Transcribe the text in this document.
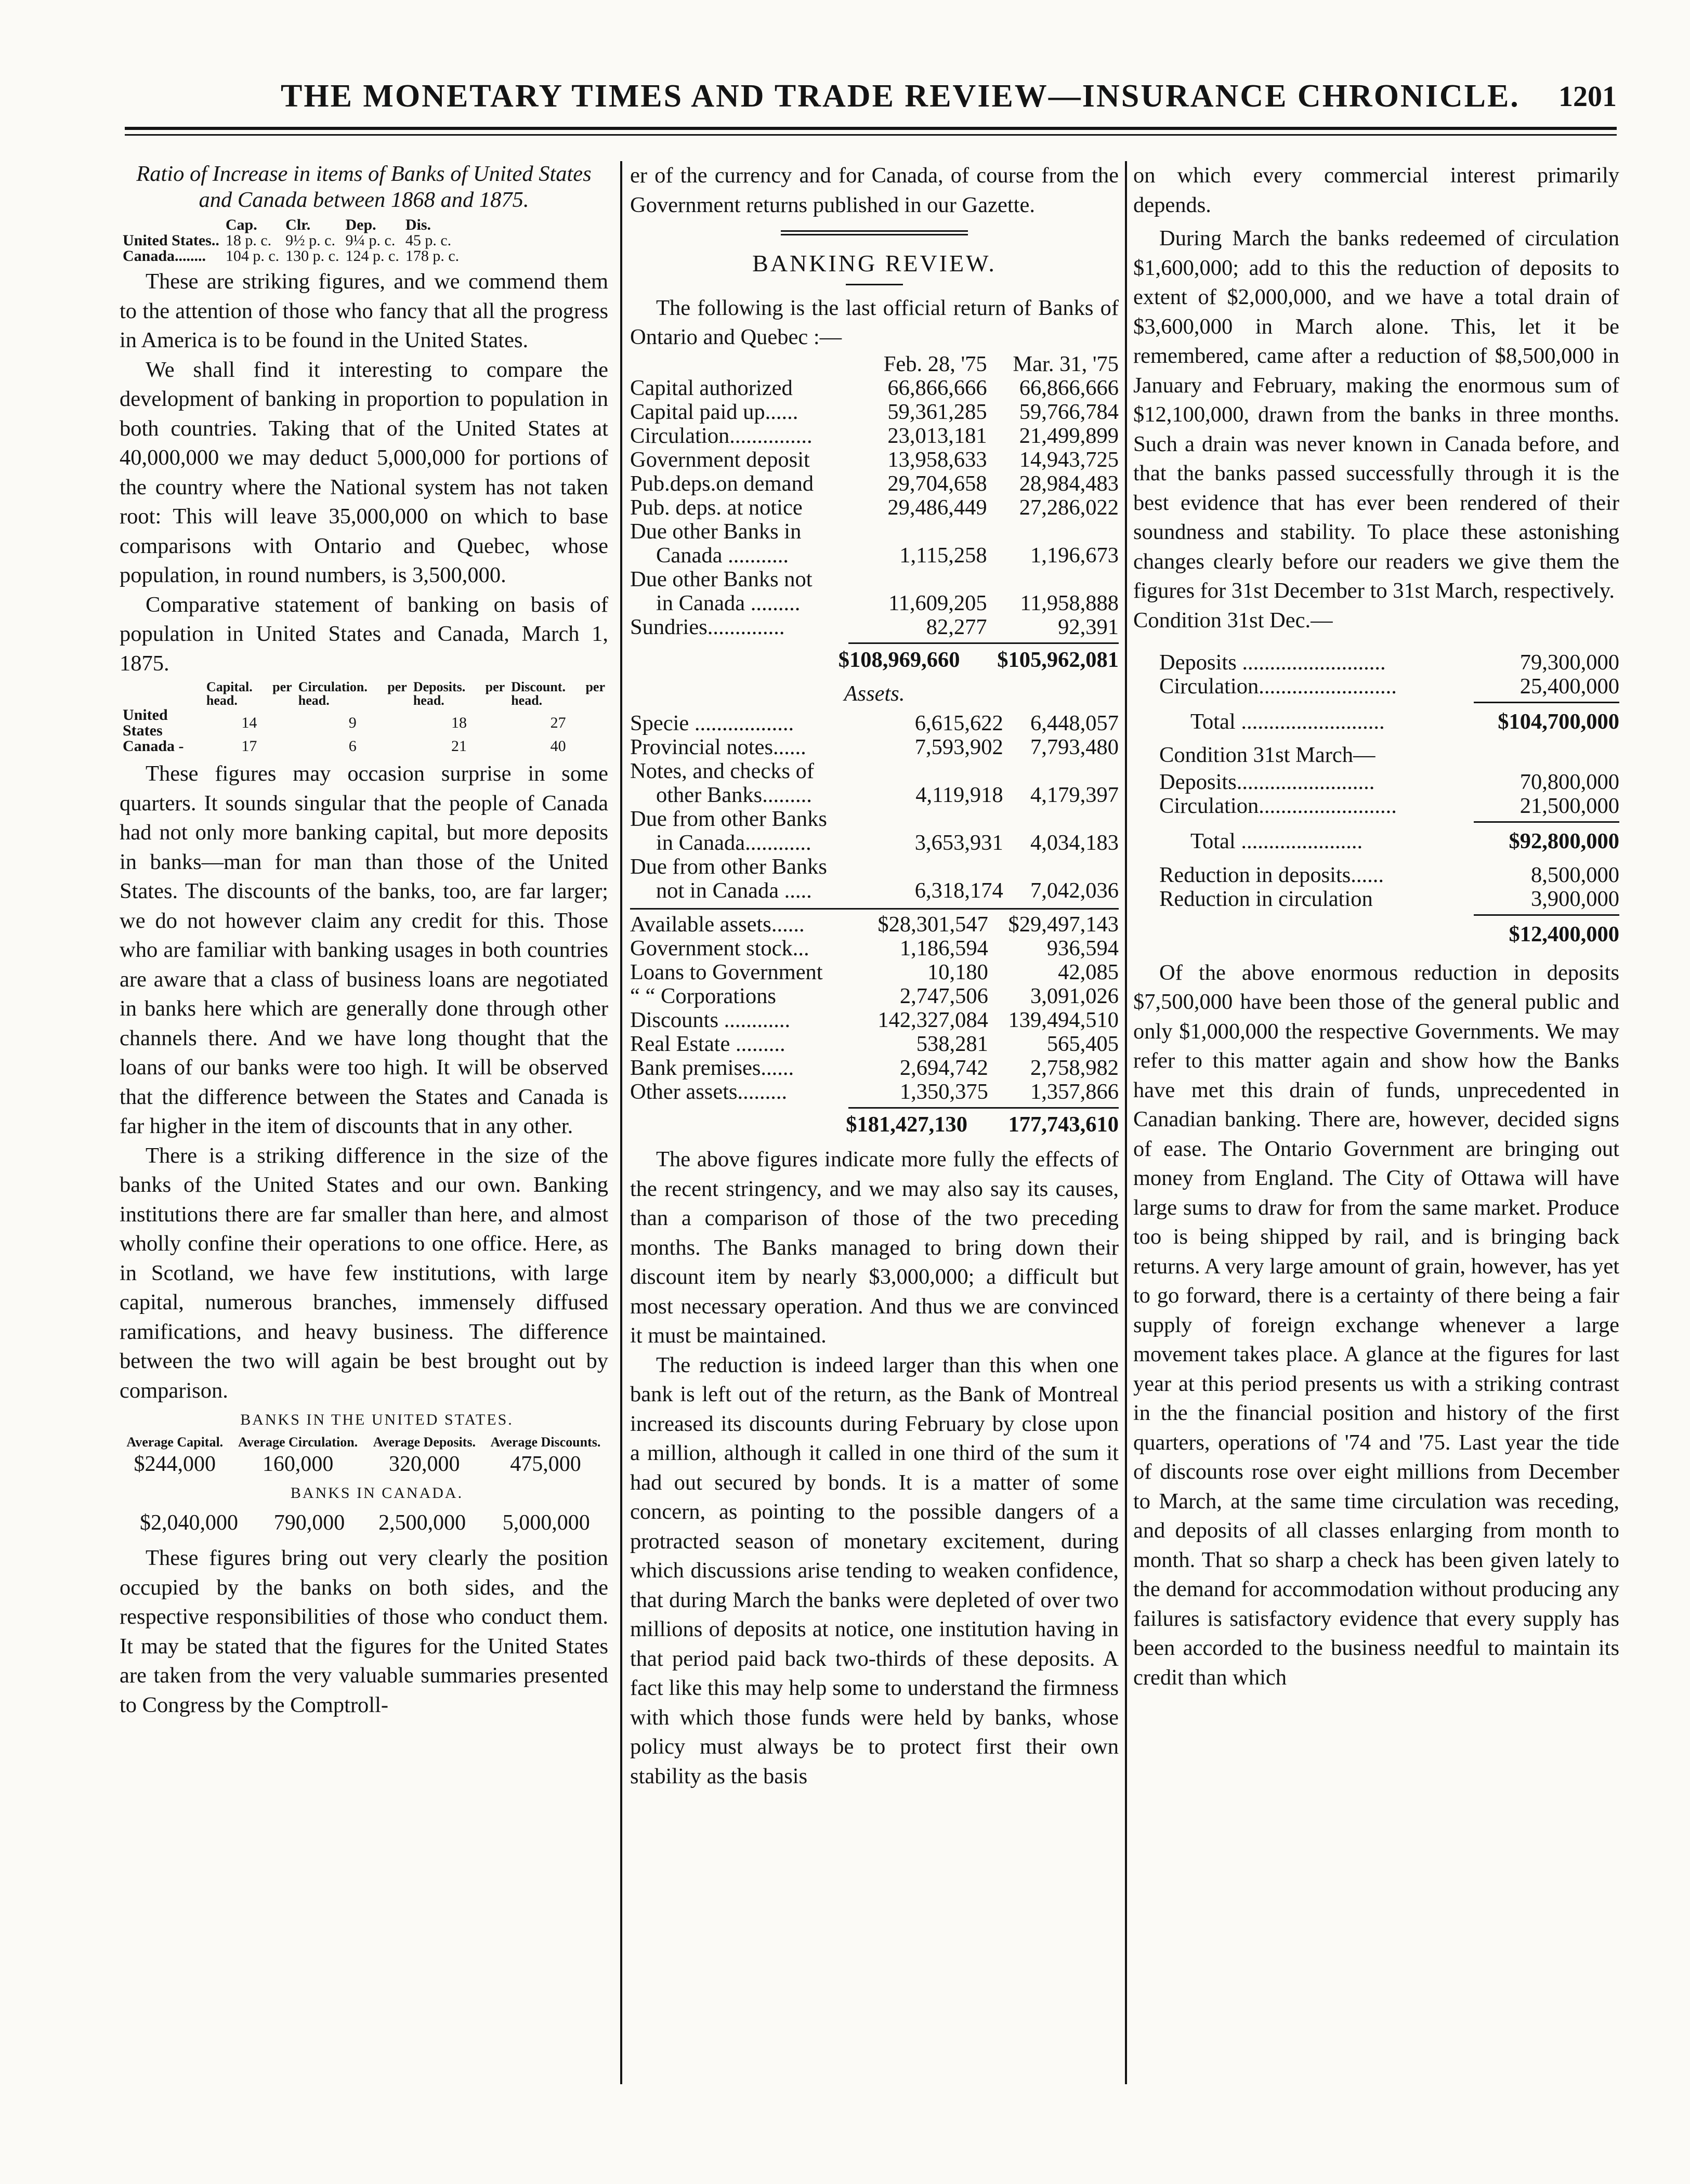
THE MONETARY TIMES AND TRADE REVIEW—INSURANCE CHRONICLE. 1201

Ratio of Increase in items of Banks of United States and Canada between 1868 and 1875.

	Cap.	Clr.	Dep.	Dis.
United States..	18 p. c.	9½ p. c.	9¼ p. c.	45 p. c.
Canada........	104 p. c.	130 p. c.	124 p. c.	178 p. c.

These are striking figures, and we commend them to the attention of those who fancy that all the progress in America is to be found in the United States.

We shall find it interesting to compare the development of banking in proportion to population in both countries. Taking that of the United States at 40,000,000 we may deduct 5,000,000 for portions of the country where the National system has not taken root: This will leave 35,000,000 on which to base comparisons with Ontario and Quebec, whose population, in round numbers, is 3,500,000.

Comparative statement of banking on basis of population in United States and Canada, March 1, 1875.

	Capital. per head.	Circulation. per head.	Deposits. per head.	Discount. per head.
United States	14	9	18	27
Canada -	17	6	21	40

These figures may occasion surprise in some quarters. It sounds singular that the people of Canada had not only more banking capital, but more deposits in banks—man for man than those of the United States. The discounts of the banks, too, are far larger; we do not however claim any credit for this. Those who are familiar with banking usages in both countries are aware that a class of business loans are negotiated in banks here which are generally done through other channels there. And we have long thought that the loans of our banks were too high. It will be observed that the difference between the States and Canada is far higher in the item of discounts that in any other.

There is a striking difference in the size of the banks of the United States and our own. Banking institutions there are far smaller than here, and almost wholly confine their operations to one office. Here, as in Scotland, we have few institutions, with large capital, numerous branches, immensely diffused ramifications, and heavy business. The difference between the two will again be best brought out by comparison.

BANKS IN THE UNITED STATES.

Average Capital.	Average Circulation.	Average Deposits.	Average Discounts.
$244,000	160,000	320,000	475,000

BANKS IN CANADA.

$2,040,000	790,000	2,500,000	5,000,000

These figures bring out very clearly the position occupied by the banks on both sides, and the respective responsibilities of those who conduct them. It may be stated that the figures for the United States are taken from the very valuable summaries presented to Congress by the Comptroll-

er of the currency and for Canada, of course from the Government returns published in our Gazette.

BANKING REVIEW.

The following is the last official return of Banks of Ontario and Quebec :—

	Feb. 28, '75	Mar. 31, '75
Capital authorized	66,866,666	66,866,666
Capital paid up......	59,361,285	59,766,784
Circulation...............	23,013,181	21,499,899
Government deposit	13,958,633	14,943,725
Pub.deps.on demand	29,704,658	28,984,483
Pub. deps. at notice	29,486,449	27,286,022
Due other Banks in		
Canada ...........	1,115,258	1,196,673
Due other Banks not		
in Canada .........	11,609,205	11,958,888
Sundries..............	82,277	92,391
	$108,969,660	$105,962,081
Assets.
Specie ..................	6,615,622	6,448,057
Provincial notes......	7,593,902	7,793,480
Notes, and checks of		
other Banks.........	4,119,918	4,179,397
Due from other Banks		
in Canada............	3,653,931	4,034,183
Due from other Banks		
not in Canada .....	6,318,174	7,042,036
Available assets......	$28,301,547	$29,497,143
Government stock...	1,186,594	936,594
Loans to Government	10,180	42,085
“ “ Corporations	2,747,506	3,091,026
Discounts ............	142,327,084	139,494,510
Real Estate .........	538,281	565,405
Bank premises......	2,694,742	2,758,982
Other assets.........	1,350,375	1,357,866
	$181,427,130	177,743,610

The above figures indicate more fully the effects of the recent stringency, and we may also say its causes, than a comparison of those of the two preceding months. The Banks managed to bring down their discount item by nearly $3,000,000; a difficult but most necessary operation. And thus we are convinced it must be maintained.

The reduction is indeed larger than this when one bank is left out of the return, as the Bank of Montreal increased its discounts during February by close upon a million, although it called in one third of the sum it had out secured by bonds. It is a matter of some concern, as pointing to the possible dangers of a protracted season of monetary excitement, during which discussions arise tending to weaken confidence, that during March the banks were depleted of over two millions of deposits at notice, one institution having in that period paid back two-thirds of these deposits. A fact like this may help some to understand the firmness with which those funds were held by banks, whose policy must always be to protect first their own stability as the basis

on which every commercial interest primarily depends.

During March the banks redeemed of circulation $1,600,000; add to this the reduction of deposits to extent of $2,000,000, and we have a total drain of $3,600,000 in March alone. This, let it be remembered, came after a reduction of $8,500,000 in January and February, making the enormous sum of $12,100,000, drawn from the banks in three months. Such a drain was never known in Canada before, and that the banks passed successfully through it is the best evidence that has ever been rendered of their soundness and stability. To place these astonishing changes clearly before our readers we give them the figures for 31st December to 31st March, respectively.

Condition 31st Dec.—

Deposits ..........................	79,300,000
Circulation.........................	25,400,000
Total ..........................	$104,700,000

Condition 31st March—

Deposits.........................	70,800,000
Circulation.........................	21,500,000
Total ......................	$92,800,000
Reduction in deposits......	8,500,000
Reduction in circulation	3,900,000
$12,400,000

Of the above enormous reduction in deposits $7,500,000 have been those of the general public and only $1,000,000 the respective Governments. We may refer to this matter again and show how the Banks have met this drain of funds, unprecedented in Canadian banking. There are, however, decided signs of ease. The Ontario Government are bringing out money from England. The City of Ottawa will have large sums to draw for from the same market. Produce too is being shipped by rail, and is bringing back returns. A very large amount of grain, however, has yet to go forward, there is a certainty of there being a fair supply of foreign exchange whenever a large movement takes place. A glance at the figures for last year at this period presents us with a striking contrast in the the financial position and history of the first quarters, operations of '74 and '75. Last year the tide of discounts rose over eight millions from December to March, at the same time circulation was receding, and deposits of all classes enlarging from month to month. That so sharp a check has been given lately to the demand for accommodation without producing any failures is satisfactory evidence that every supply has been accorded to the business needful to maintain its credit than which
